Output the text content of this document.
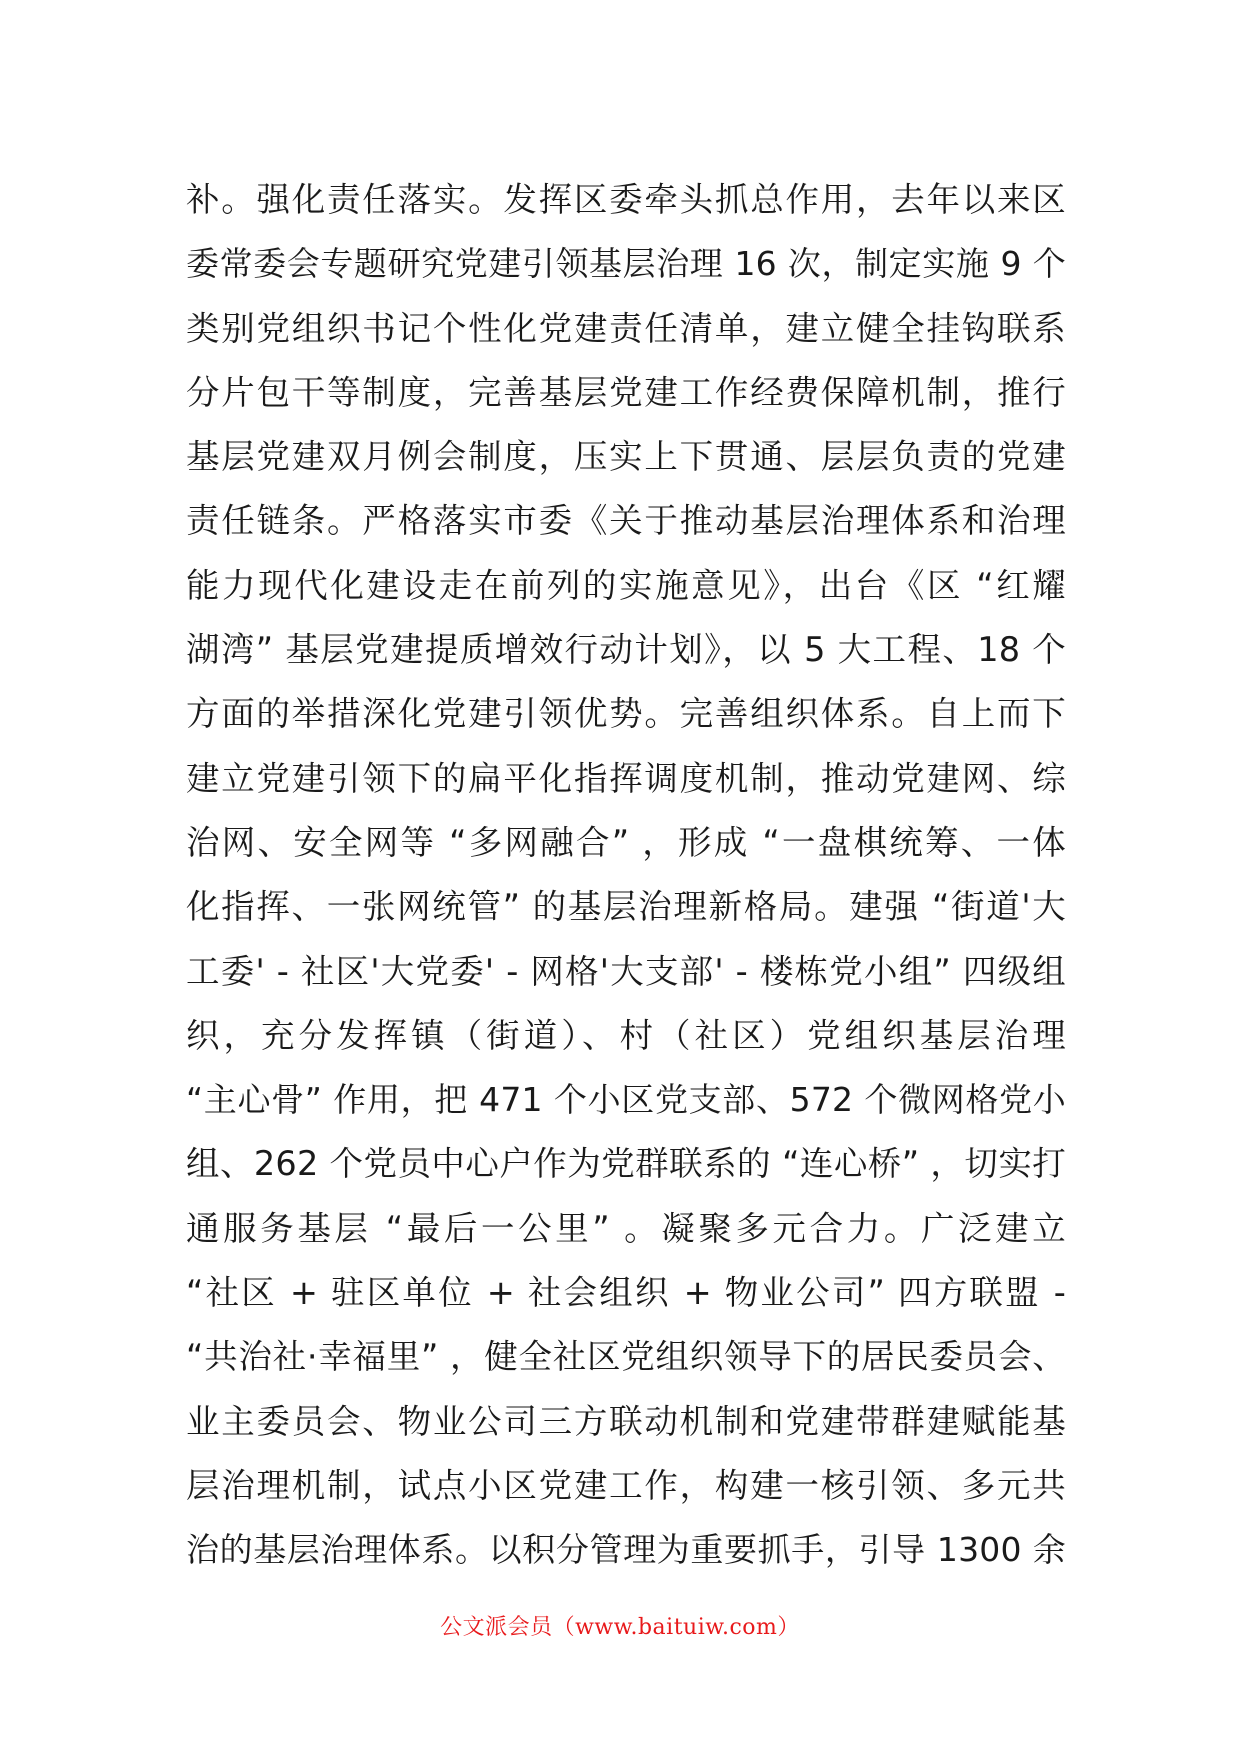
补。强化责任落实。发挥区委牵头抓总作用，去年以来区
委常委会专题研究党建引领基层治理 16 次，制定实施 9 个
类别党组织书记个性化党建责任清单，建立健全挂钩联系
分片包干等制度，完善基层党建工作经费保障机制，推行
基层党建双月例会制度，压实上下贯通、层层负责的党建
责任链条。严格落实市委《关于推动基层治理体系和治理
能力现代化建设走在前列的实施意见》，出台《区 “红耀
湖湾” 基层党建提质增效行动计划》，以 5 大工程、18 个
方面的举措深化党建引领优势。完善组织体系。自上而下
建立党建引领下的扁平化指挥调度机制，推动党建网、综
治网、安全网等 “多网融合” ，形成 “一盘棋统筹、一体
化指挥、一张网统管” 的基层治理新格局。建强 “街道'大
工委' - 社区'大党委' - 网格'大支部' - 楼栋党小组” 四级组
织，充分发挥镇（街道）、村（社区）党组织基层治理
“主心骨” 作用，把 471 个小区党支部、572 个微网格党小
组、262 个党员中心户作为党群联系的 “连心桥” ，切实打
通服务基层 “最后一公里” 。凝聚多元合力。广泛建立
“社区 + 驻区单位 + 社会组织 + 物业公司” 四方联盟 -
“共治社·幸福里” ，健全社区党组织领导下的居民委员会、
业主委员会、物业公司三方联动机制和党建带群建赋能基
层治理机制，试点小区党建工作，构建一核引领、多元共
治的基层治理体系。以积分管理为重要抓手，引导 1300 余
公文派会员（www.baituiw.com）
